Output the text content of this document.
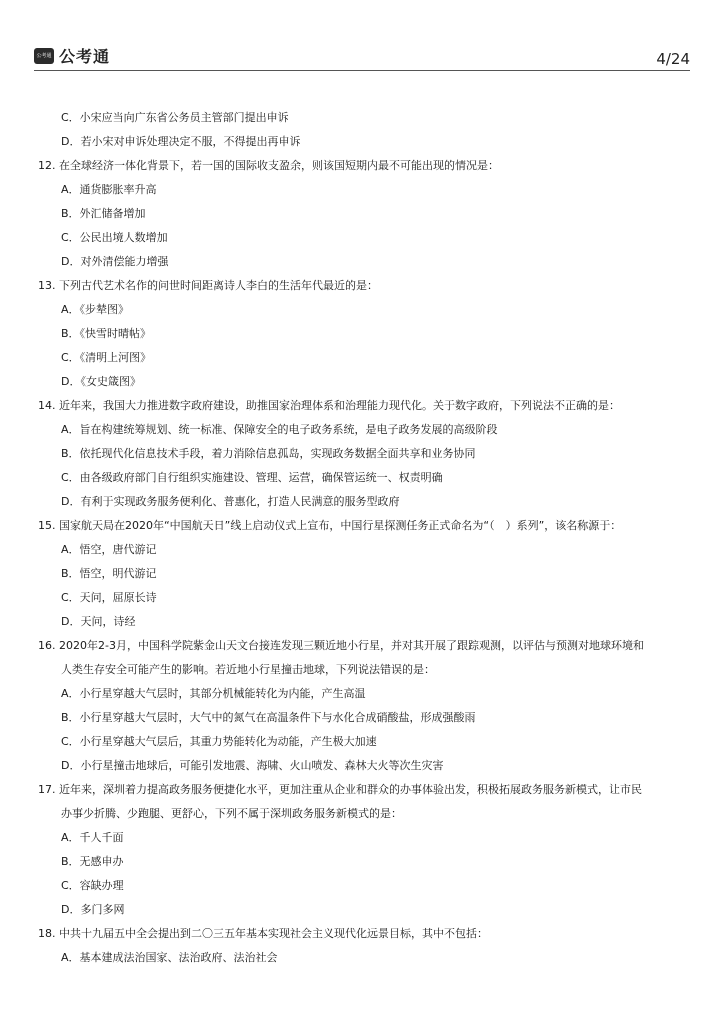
公考通 公考通	4/24
C．小宋应当向广东省公务员主管部门提出申诉
D．若小宋对申诉处理决定不服，不得提出再申诉
12. 在全球经济一体化背景下，若一国的国际收支盈余，则该国短期内最不可能出现的情况是：
A．通货膨胀率升高
B．外汇储备增加
C．公民出境人数增加
D．对外清偿能力增强
13. 下列古代艺术名作的问世时间距离诗人李白的生活年代最近的是：
A．《步辇图》
B．《快雪时晴帖》
C．《清明上河图》
D．《女史箴图》
14. 近年来，我国大力推进数字政府建设，助推国家治理体系和治理能力现代化。关于数字政府，下列说法不正确的是：
A．旨在构建统筹规划、统一标准、保障安全的电子政务系统，是电子政务发展的高级阶段
B．依托现代化信息技术手段，着力消除信息孤岛，实现政务数据全面共享和业务协同
C．由各级政府部门自行组织实施建设、管理、运营，确保管运统一、权责明确
D．有利于实现政务服务便利化、普惠化，打造人民满意的服务型政府
15. 国家航天局在2020年“中国航天日”线上启动仪式上宣布，中国行星探测任务正式命名为“（　）系列”，该名称源于：
A．悟空，唐代游记
B．悟空，明代游记
C．天问，屈原长诗
D．天问，诗经
16. 2020年2-3月，中国科学院紫金山天文台接连发现三颗近地小行星，并对其开展了跟踪观测，以评估与预测对地球环境和
人类生存安全可能产生的影响。若近地小行星撞击地球，下列说法错误的是：
A．小行星穿越大气层时，其部分机械能转化为内能，产生高温
B．小行星穿越大气层时，大气中的氮气在高温条件下与水化合成硝酸盐，形成强酸雨
C．小行星穿越大气层后，其重力势能转化为动能，产生极大加速
D．小行星撞击地球后，可能引发地震、海啸、火山喷发、森林大火等次生灾害
17. 近年来，深圳着力提高政务服务便捷化水平，更加注重从企业和群众的办事体验出发，积极拓展政务服务新模式，让市民
办事少折腾、少跑腿、更舒心，下列不属于深圳政务服务新模式的是：
A．千人千面
B．无感申办
C．容缺办理
D．多门多网
18. 中共十九届五中全会提出到二〇三五年基本实现社会主义现代化远景目标，其中不包括：
A．基本建成法治国家、法治政府、法治社会
